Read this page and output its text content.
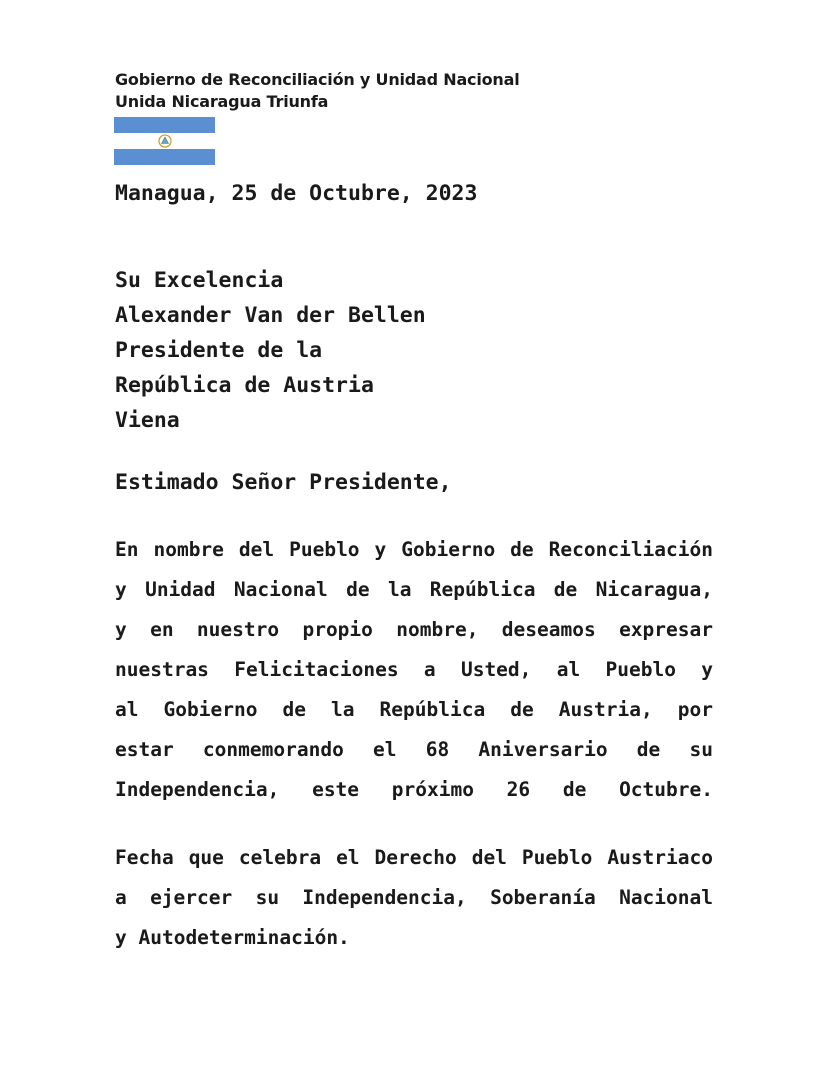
Gobierno de Reconciliación y Unidad Nacional
Unida Nicaragua Triunfa
Managua, 25 de Octubre, 2023
Su Excelencia
Alexander Van der Bellen
Presidente de la
República de Austria
Viena
Estimado Señor Presidente,
En nombre del Pueblo y Gobierno de Reconciliación
y Unidad Nacional de la República de Nicaragua,
y en nuestro propio nombre, deseamos expresar
nuestras Felicitaciones a Usted, al Pueblo y
al Gobierno de la República de Austria, por
estar conmemorando el 68 Aniversario de su
Independencia, este próximo 26 de Octubre.
Fecha que celebra el Derecho del Pueblo Austriaco
a ejercer su Independencia, Soberanía Nacional
y Autodeterminación.
